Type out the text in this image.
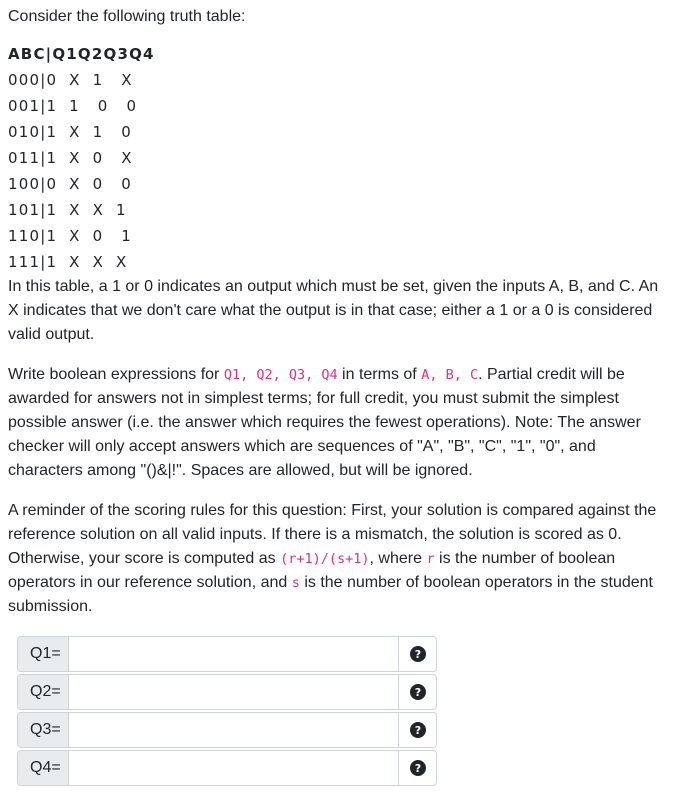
Consider the following truth table:

ABC|Q1Q2Q3Q4
000|0  X  1   X
001|1  1   0   0
010|1  X  1   0
011|1  X  0   X
100|0  X  0   0
101|1  X  X  1
110|1  X  0   1
111|1  X  X  X

In this table, a 1 or 0 indicates an output which must be set, given the inputs A, B, and C. An X indicates that we don't care what the output is in that case; either a 1 or a 0 is considered valid output.

Write boolean expressions for Q1, Q2, Q3, Q4 in terms of A, B, C. Partial credit will be awarded for answers not in simplest terms; for full credit, you must submit the simplest possible answer (i.e. the answer which requires the fewest operations). Note: The answer checker will only accept answers which are sequences of "A", "B", "C", "1", "0", and characters among "()&|!". Spaces are allowed, but will be ignored.

A reminder of the scoring rules for this question: First, your solution is compared against the reference solution on all valid inputs. If there is a mismatch, the solution is scored as 0. Otherwise, your score is computed as (r+1)/(s+1), where r is the number of boolean operators in our reference solution, and s is the number of boolean operators in the student submission.

Q1=	?
Q2=	?
Q3=	?
Q4=	?
